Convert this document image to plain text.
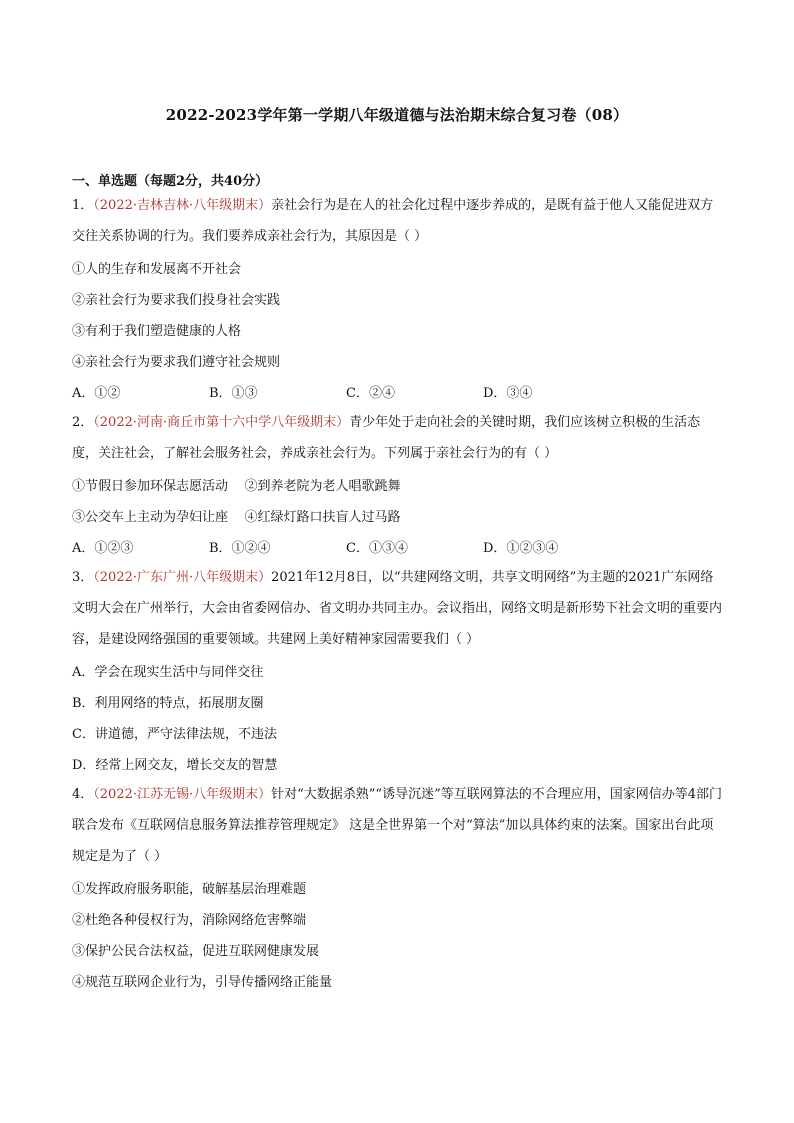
2022-2023学年第一学期八年级道德与法治期末综合复习卷（08）
一、单选题（每题2分，共40分）
1．（2022·吉林吉林·八年级期末）亲社会行为是在人的社会化过程中逐步养成的，是既有益于他人又能促进双方交往关系协调的行为。我们要养成亲社会行为，其原因是（ ）
①人的生存和发展离不开社会
②亲社会行为要求我们投身社会实践
③有利于我们塑造健康的人格
④亲社会行为要求我们遵守社会规则
A．①②	B．①③	C．②④	D．③④
2．（2022·河南·商丘市第十六中学八年级期末）青少年处于走向社会的关键时期，我们应该树立积极的生活态度，关注社会，了解社会服务社会，养成亲社会行为。下列属于亲社会行为的有（ ）
①节假日参加环保志愿活动    ②到养老院为老人唱歌跳舞
③公交车上主动为孕妇让座    ④红绿灯路口扶盲人过马路
A．①②③	B．①②④	C．①③④	D．①②③④
3．（2022·广东广州·八年级期末）2021年12月8日，以“共建网络文明，共享文明网络”为主题的2021广东网络文明大会在广州举行，大会由省委网信办、省文明办共同主办。会议指出，网络文明是新形势下社会文明的重要内容，是建设网络强国的重要领域。共建网上美好精神家园需要我们（ ）
A．学会在现实生活中与同伴交往
B．利用网络的特点，拓展朋友圈
C．讲道德，严守法律法规，不违法
D．经常上网交友，增长交友的智慧
4．（2022·江苏无锡·八年级期末）针对“大数据杀熟”“诱导沉迷”等互联网算法的不合理应用，国家网信办等4部门联合发布《互联网信息服务算法推荐管理规定》 这是全世界第一个对“算法”加以具体约束的法案。国家出台此项规定是为了（ ）
①发挥政府服务职能，破解基层治理难题
②杜绝各种侵权行为，消除网络危害弊端
③保护公民合法权益，促进互联网健康发展
④规范互联网企业行为，引导传播网络正能量
